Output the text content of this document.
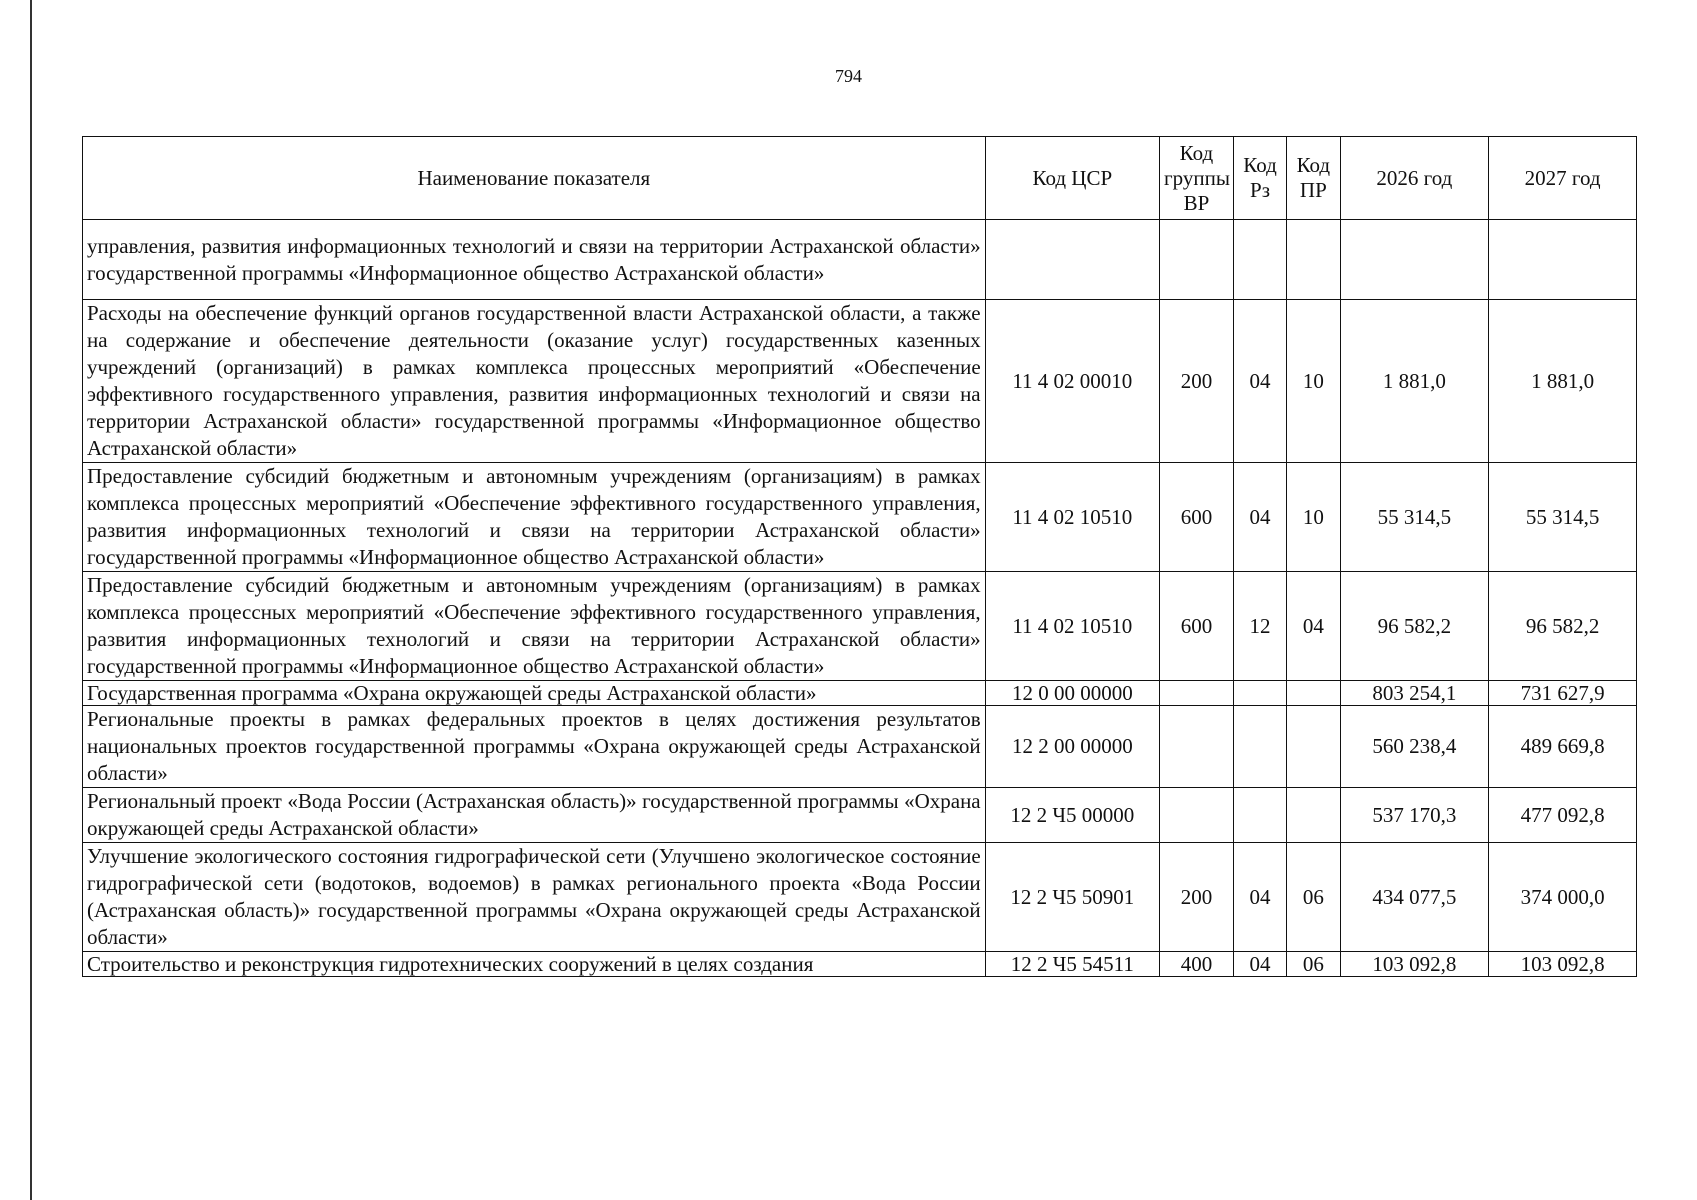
794
Наименование показателя	Код ЦСР	Код группы ВР	Код Рз	Код ПР	2026 год	2027 год
управления, развития информационных технологий и связи на территории Астраханской области» государственной программы «Информационное общество Астраханской области»						
Расходы на обеспечение функций органов государственной власти Астраханской области, а также на содержание и обеспечение деятельности (оказание услуг) государственных казенных учреждений (организаций) в рамках комплекса процессных мероприятий «Обеспечение эффективного государственного управления, развития информационных технологий и связи на территории Астраханской области» государственной программы «Информационное общество Астраханской области»	11 4 02 00010	200	04	10	1 881,0	1 881,0
Предоставление субсидий бюджетным и автономным учреждениям (организациям) в рамках комплекса процессных мероприятий «Обеспечение эффективного государственного управления, развития информационных технологий и связи на территории Астраханской области» государственной программы «Информационное общество Астраханской области»	11 4 02 10510	600	04	10	55 314,5	55 314,5
Предоставление субсидий бюджетным и автономным учреждениям (организациям) в рамках комплекса процессных мероприятий «Обеспечение эффективного государственного управления, развития информационных технологий и связи на территории Астраханской области» государственной программы «Информационное общество Астраханской области»	11 4 02 10510	600	12	04	96 582,2	96 582,2
Государственная программа «Охрана окружающей среды Астраханской области»	12 0 00 00000				803 254,1	731 627,9
Региональные проекты в рамках федеральных проектов в целях достижения результатов национальных проектов государственной программы «Охрана окружающей среды Астраханской области»	12 2 00 00000				560 238,4	489 669,8
Региональный проект «Вода России (Астраханская область)» государственной программы «Охрана окружающей среды Астраханской области»	12 2 Ч5 00000				537 170,3	477 092,8
Улучшение экологического состояния гидрографической сети (Улучшено экологическое состояние гидрографической сети (водотоков, водоемов) в рамках регионального проекта «Вода России (Астраханская область)» государственной программы «Охрана окружающей среды Астраханской области»	12 2 Ч5 50901	200	04	06	434 077,5	374 000,0
Строительство и реконструкция гидротехнических сооружений в целях создания	12 2 Ч5 54511	400	04	06	103 092,8	103 092,8
